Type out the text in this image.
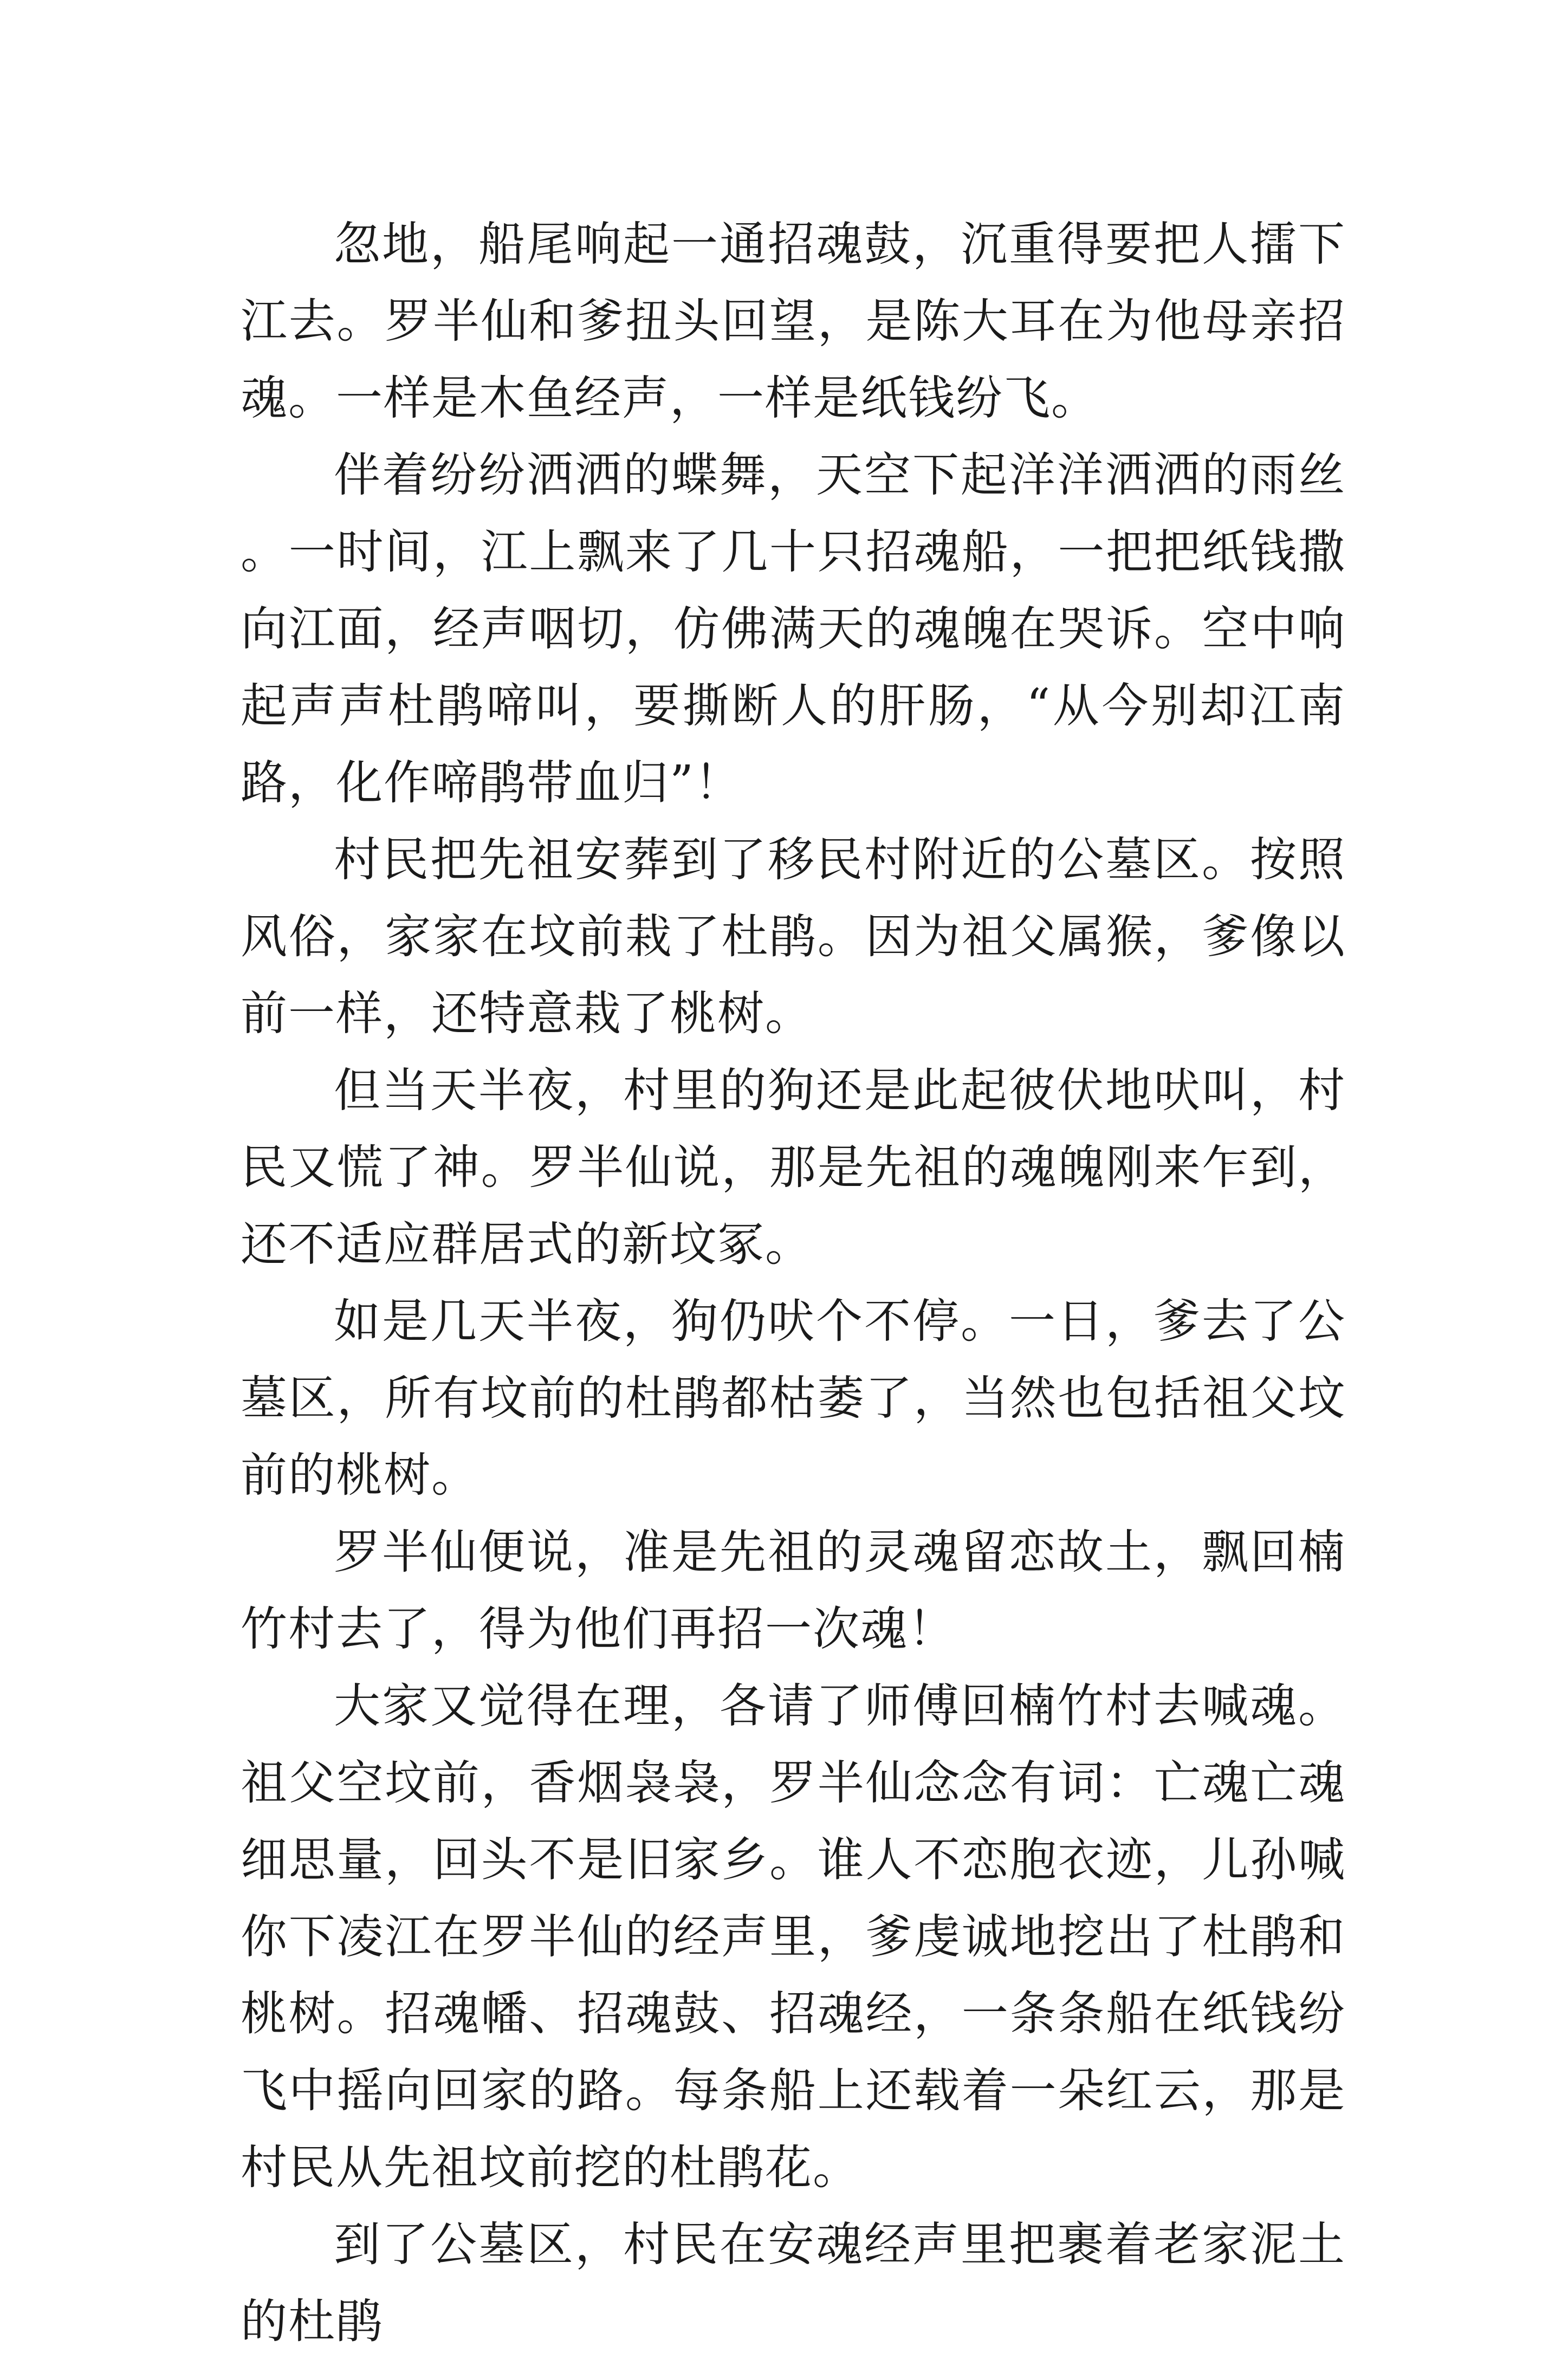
忽地，船尾响起一通招魂鼓，沉重得要把人擂下江去。罗半仙和爹扭头回望，是陈大耳在为他母亲招魂。一样是木鱼经声，一样是纸钱纷飞。

伴着纷纷洒洒的蝶舞，天空下起洋洋洒洒的雨丝。一时间，江上飘来了几十只招魂船，一把把纸钱撒向江面，经声咽切，仿佛满天的魂魄在哭诉。空中响起声声杜鹃啼叫，要撕断人的肝肠，“从今别却江南路，化作啼鹃带血归”！

村民把先祖安葬到了移民村附近的公墓区。按照风俗，家家在坟前栽了杜鹃。因为祖父属猴，爹像以前一样，还特意栽了桃树。

但当天半夜，村里的狗还是此起彼伏地吠叫，村民又慌了神。罗半仙说，那是先祖的魂魄刚来乍到，还不适应群居式的新坟冢。

如是几天半夜，狗仍吠个不停。一日，爹去了公墓区，所有坟前的杜鹃都枯萎了，当然也包括祖父坟前的桃树。

罗半仙便说，准是先祖的灵魂留恋故土，飘回楠竹村去了，得为他们再招一次魂！

大家又觉得在理，各请了师傅回楠竹村去喊魂。祖父空坟前，香烟袅袅，罗半仙念念有词：亡魂亡魂细思量，回头不是旧家乡。谁人不恋胞衣迹，儿孙喊你下凌江在罗半仙的经声里，爹虔诚地挖出了杜鹃和桃树。招魂幡、招魂鼓、招魂经，一条条船在纸钱纷飞中摇向回家的路。每条船上还载着一朵红云，那是村民从先祖坟前挖的杜鹃花。

到了公墓区，村民在安魂经声里把裹着老家泥土的杜鹃
